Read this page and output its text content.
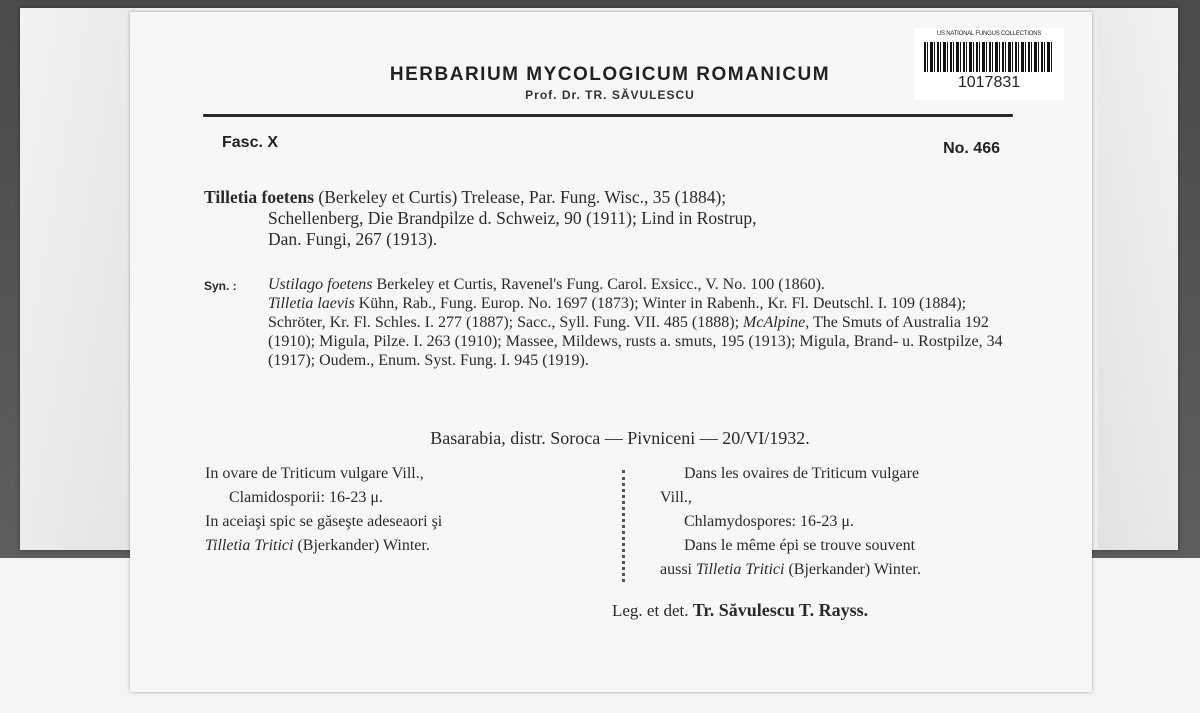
US NATIONAL FUNGUS COLLECTIONS
1017831
HERBARIUM MYCOLOGICUM ROMANICUM
Prof. Dr. TR. SĂVULESCU
Fasc. X	No. 466
Tilletia foetens (Berkeley et Curtis) Trelease, Par. Fung. Wisc., 35 (1884);
Schellenberg, Die Brandpilze d. Schweiz, 90 (1911); Lind in Rostrup,
Dan. Fungi, 267 (1913).
Syn. : Ustilago foetens Berkeley et Curtis, Ravenel's Fung. Carol. Exsicc., V. No. 100 (1860).
Tilletia laevis Kühn, Rab., Fung. Europ. No. 1697 (1873); Winter in Rabenh., Kr. Fl. Deutschl. I. 109 (1884); Schröter, Kr. Fl. Schles. I. 277 (1887); Sacc., Syll. Fung. VII. 485 (1888); McAlpine, The Smuts of Australia 192 (1910); Migula, Pilze. I. 263 (1910); Massee, Mildews, rusts a. smuts, 195 (1913); Migula, Brand- u. Rostpilze, 34 (1917); Oudem., Enum. Syst. Fung. I. 945 (1919).
Basarabia, distr. Soroca — Pivniceni — 20/VI/1932.
In ovare de Triticum vulgare Vill.,

Clamidosporii: 16-23 μ.
In aceiaşi spic se găseşte adeseaori şi
Tilletia Tritici (Bjerkander) Winter.
Dans les ovaires de Triticum vulgare
Vill.,

Chlamydospores: 16-23 μ.
Dans le même épi se trouve souvent
aussi Tilletia Tritici (Bjerkander) Winter.
Leg. et det. Tr. Săvulescu T. Rayss.
